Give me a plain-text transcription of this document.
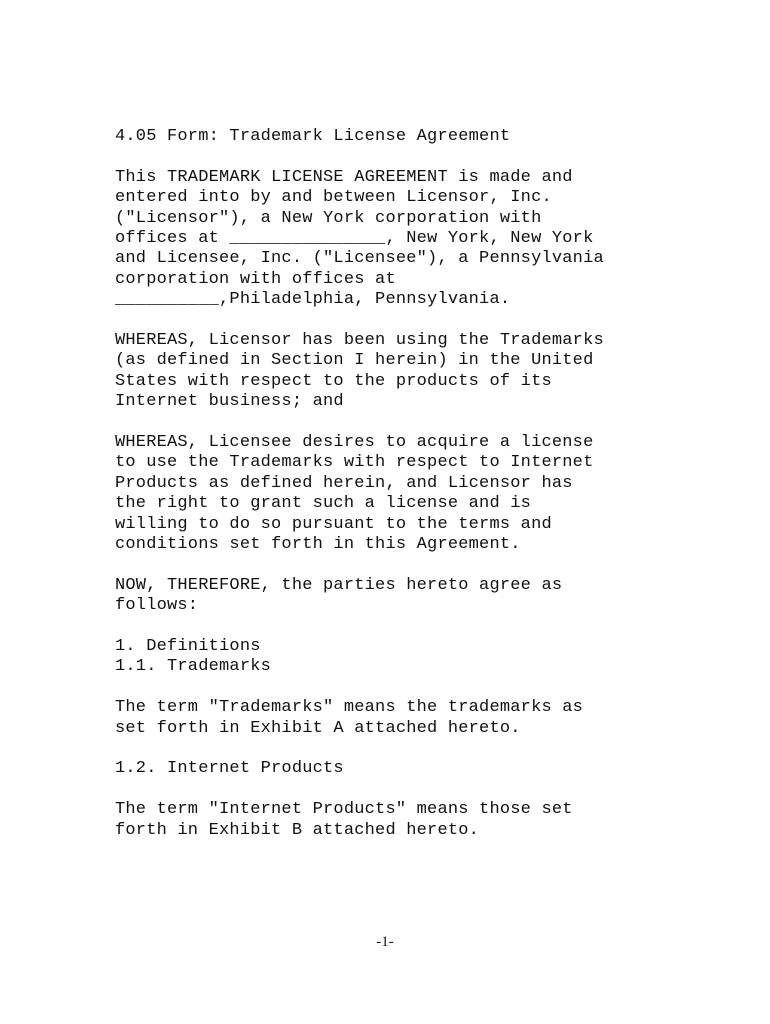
4.05 Form: Trademark License Agreement

This TRADEMARK LICENSE AGREEMENT is made and
entered into by and between Licensor, Inc.
("Licensor"), a New York corporation with
offices at _______________, New York, New York
and Licensee, Inc. ("Licensee"), a Pennsylvania
corporation with offices at
__________,Philadelphia, Pennsylvania.

WHEREAS, Licensor has been using the Trademarks
(as defined in Section I herein) in the United
States with respect to the products of its
Internet business; and

WHEREAS, Licensee desires to acquire a license
to use the Trademarks with respect to Internet
Products as defined herein, and Licensor has
the right to grant such a license and is
willing to do so pursuant to the terms and
conditions set forth in this Agreement.

NOW, THEREFORE, the parties hereto agree as
follows:

1. Definitions

1.1. Trademarks

The term "Trademarks" means the trademarks as
set forth in Exhibit A attached hereto.

1.2. Internet Products

The term "Internet Products" means those set
forth in Exhibit B attached hereto.

-1-
